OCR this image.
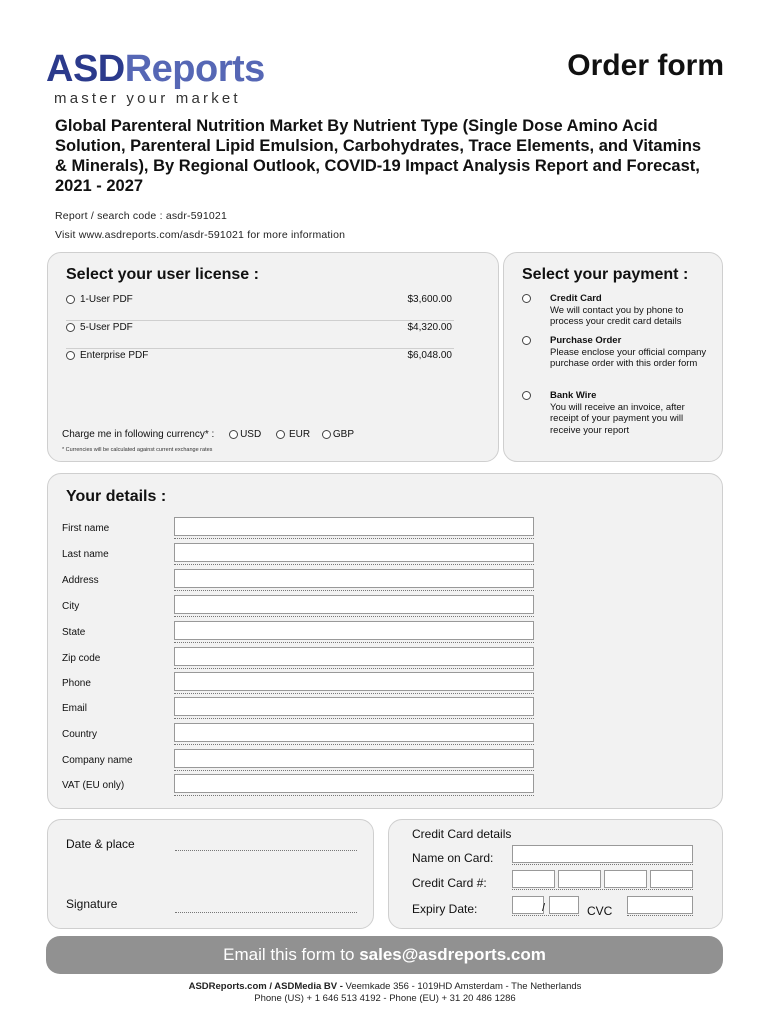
ASDReports
master your market
Order form
Global Parenteral Nutrition Market By Nutrient Type (Single Dose Amino Acid Solution, Parenteral Lipid Emulsion, Carbohydrates, Trace Elements, and Vitamins & Minerals), By Regional Outlook, COVID-19 Impact Analysis Report and Forecast, 2021 - 2027
Report / search code : asdr-591021
Visit www.asdreports.com/asdr-591021 for more information
Select your user license :
1-User PDF	$3,600.00
5-User PDF	$4,320.00
Enterprise PDF	$6,048.00
Charge me in following currency* :	USD	EUR GBP
* Currencies will be calculated against current exchange rates
Select your payment :
Credit Card
We will contact you by phone to process your credit card details
Purchase Order
Please enclose your official company purchase order with this order form
Bank Wire
You will receive an invoice, after receipt of your payment you will receive your report
Your details :
First name
Last name
Address
City
State
Zip code
Phone
Email
Country
Company name
VAT (EU only)
Date & place
Signature
Credit Card details
Name on Card:
Credit Card #:
Expiry Date:	/	CVC
Email this form to sales@asdreports.com
ASDReports.com / ASDMedia BV - Veemkade 356 - 1019HD Amsterdam - The Netherlands
Phone (US) + 1 646 513 4192 - Phone (EU) + 31 20 486 1286
